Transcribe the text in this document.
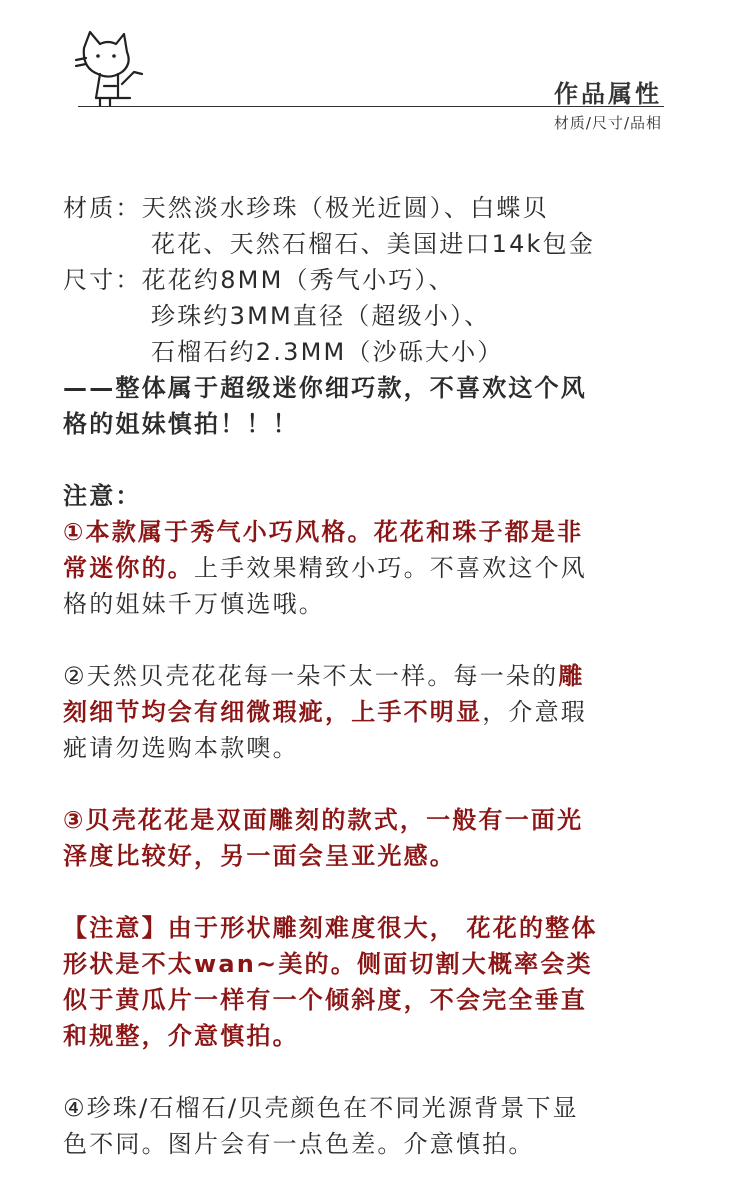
作品属性
材质/尺寸/品相
材质：天然淡水珍珠（极光近圆）、白蝶贝
花花、天然石榴石、美国进口14k包金
尺寸：花花约8MM（秀气小巧）、
珍珠约3MM直径（超级小）、
石榴石约2.3MM（沙砾大小）
——整体属于超级迷你细巧款，不喜欢这个风
格的姐妹慎拍！！！
注意：
①本款属于秀气小巧风格。花花和珠子都是非
常迷你的。上手效果精致小巧。不喜欢这个风
格的姐妹千万慎选哦。
②天然贝壳花花每一朵不太一样。每一朵的雕
刻细节均会有细微瑕疵，上手不明显，介意瑕
疵请勿选购本款噢。
③贝壳花花是双面雕刻的款式，一般有一面光
泽度比较好，另一面会呈亚光感。
【注意】由于形状雕刻难度很大， 花花的整体
形状是不太wan~美的。侧面切割大概率会类
似于黄瓜片一样有一个倾斜度，不会完全垂直
和规整，介意慎拍。
④珍珠/石榴石/贝壳颜色在不同光源背景下显
色不同。图片会有一点色差。介意慎拍。
